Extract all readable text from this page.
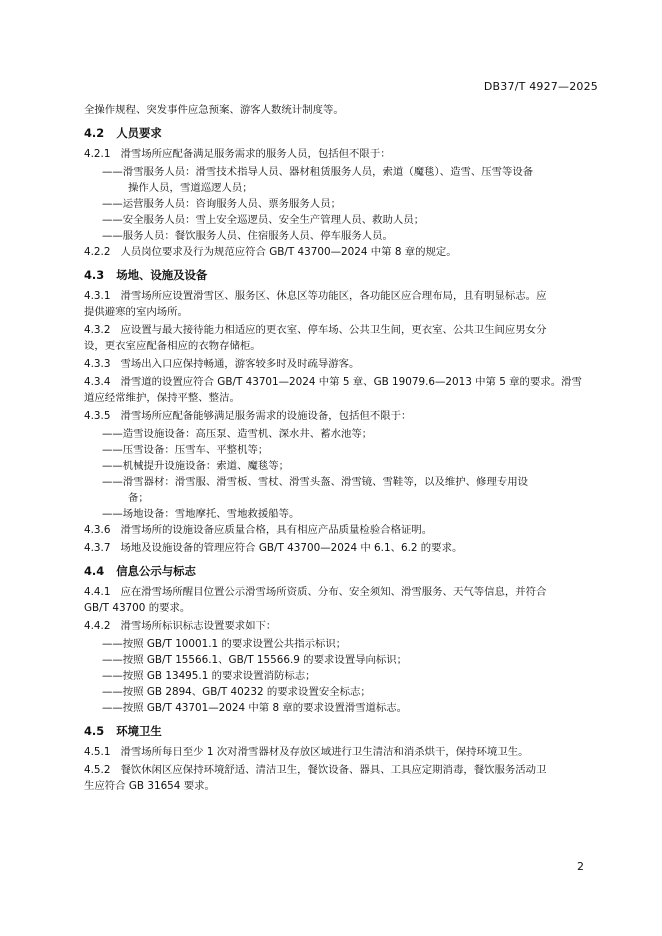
DB37/T 4927—2025

全操作规程、突发事件应急预案、游客人数统计制度等。

4.2 人员要求
4.2.1 滑雪场所应配备满足服务需求的服务人员，包括但不限于：
——滑雪服务人员：滑雪技术指导人员、器材租赁服务人员，索道（魔毯）、造雪、压雪等设备
操作人员，雪道巡逻人员；
——运营服务人员：咨询服务人员、票务服务人员；
——安全服务人员：雪上安全巡逻员、安全生产管理人员、救助人员；
——服务人员：餐饮服务人员、住宿服务人员、停车服务人员。
4.2.2 人员岗位要求及行为规范应符合 GB/T 43700—2024 中第 8 章的规定。
4.3 场地、设施及设备
4.3.1 滑雪场所应设置滑雪区、服务区、休息区等功能区，各功能区应合理布局，且有明显标志。应
提供避寒的室内场所。
4.3.2 应设置与最大接待能力相适应的更衣室、停车场、公共卫生间，更衣室、公共卫生间应男女分
设，更衣室应配备相应的衣物存储柜。
4.3.3 雪场出入口应保持畅通，游客较多时及时疏导游客。
4.3.4 滑雪道的设置应符合 GB/T 43701—2024 中第 5 章、GB 19079.6—2013 中第 5 章的要求。滑雪
道应经常维护，保持平整、整洁。
4.3.5 滑雪场所应配备能够满足服务需求的设施设备，包括但不限于：
——造雪设施设备：高压泵、造雪机、深水井、蓄水池等；
——压雪设备：压雪车、平整机等；
——机械提升设施设备：索道、魔毯等；
——滑雪器材：滑雪服、滑雪板、雪杖、滑雪头盔、滑雪镜、雪鞋等，以及维护、修理专用设
备；
——场地设备：雪地摩托、雪地救援船等。
4.3.6 滑雪场所的设施设备应质量合格，具有相应产品质量检验合格证明。
4.3.7 场地及设施设备的管理应符合 GB/T 43700—2024 中 6.1、6.2 的要求。
4.4 信息公示与标志
4.4.1 应在滑雪场所醒目位置公示滑雪场所资质、分布、安全须知、滑雪服务、天气等信息，并符合
GB/T 43700 的要求。
4.4.2 滑雪场所标识标志设置要求如下：
——按照 GB/T 10001.1 的要求设置公共指示标识；
——按照 GB/T 15566.1、GB/T 15566.9 的要求设置导向标识；
——按照 GB 13495.1 的要求设置消防标志；
——按照 GB 2894、GB/T 40232 的要求设置安全标志；
——按照 GB/T 43701—2024 中第 8 章的要求设置滑雪道标志。
4.5 环境卫生
4.5.1 滑雪场所每日至少 1 次对滑雪器材及存放区域进行卫生清洁和消杀烘干，保持环境卫生。
4.5.2 餐饮休闲区应保持环境舒适、清洁卫生，餐饮设备、器具、工具应定期消毒，餐饮服务活动卫
生应符合 GB 31654 要求。
2
